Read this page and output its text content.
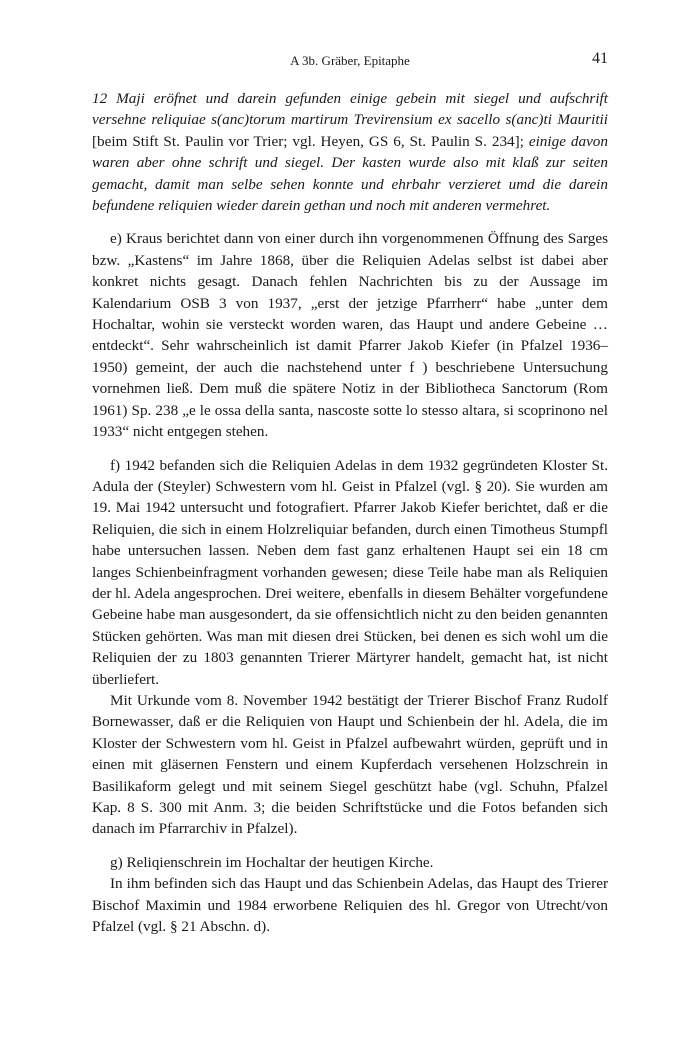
A 3b. Gräber, Epitaphe	41

12 Maji eröfnet und darein gefunden einige gebein mit siegel und aufschrift versehne reliquiae s(anc)torum martirum Trevirensium ex sacello s(anc)ti Mauritii [beim Stift St. Paulin vor Trier; vgl. Heyen, GS 6, St. Paulin S. 234]; einige davon waren aber ohne schrift und siegel. Der kasten wurde also mit klaß zur seiten gemacht, damit man selbe sehen konnte und ehrbahr verzieret umd die darein befundene reliquien wieder darein gethan und noch mit anderen vermehret.

e) Kraus berichtet dann von einer durch ihn vorgenommenen Öffnung des Sarges bzw. „Kastens“ im Jahre 1868, über die Reliquien Adelas selbst ist dabei aber konkret nichts gesagt. Danach fehlen Nachrichten bis zu der Aussage im Kalendarium OSB 3 von 1937, „erst der jetzige Pfarrherr“ habe „unter dem Hochaltar, wohin sie versteckt worden waren, das Haupt und andere Gebeine … entdeckt“. Sehr wahrscheinlich ist damit Pfarrer Jakob Kiefer (in Pfalzel 1936–1950) gemeint, der auch die nachstehend unter f ) beschriebene Untersuchung vornehmen ließ. Dem muß die spätere Notiz in der Bibliotheca Sanctorum (Rom 1961) Sp. 238 „e le ossa della santa, nascoste sotte lo stesso altara, si scoprinono nel 1933“ nicht entgegen stehen.

f) 1942 befanden sich die Reliquien Adelas in dem 1932 gegründeten Kloster St. Adula der (Steyler) Schwestern vom hl. Geist in Pfalzel (vgl. § 20). Sie wurden am 19. Mai 1942 untersucht und fotografiert. Pfarrer Jakob Kiefer berichtet, daß er die Reliquien, die sich in einem Holzreliquiar befanden, durch einen Timotheus Stumpfl habe untersuchen lassen. Neben dem fast ganz erhaltenen Haupt sei ein 18 cm langes Schienbeinfragment vorhanden gewesen; diese Teile habe man als Reliquien der hl. Adela angesprochen. Drei weitere, ebenfalls in diesem Behälter vorgefundene Gebeine habe man ausgesondert, da sie offensichtlich nicht zu den beiden genannten Stücken gehörten. Was man mit diesen drei Stücken, bei denen es sich wohl um die Reliquien der zu 1803 genannten Trierer Märtyrer handelt, gemacht hat, ist nicht überliefert.

Mit Urkunde vom 8. November 1942 bestätigt der Trierer Bischof Franz Rudolf Bornewasser, daß er die Reliquien von Haupt und Schienbein der hl. Adela, die im Kloster der Schwestern vom hl. Geist in Pfalzel aufbewahrt würden, geprüft und in einen mit gläsernen Fenstern und einem Kupferdach versehenen Holzschrein in Basilikaform gelegt und mit seinem Siegel geschützt habe (vgl. Schuhn, Pfalzel Kap. 8 S. 300 mit Anm. 3; die beiden Schriftstücke und die Fotos befanden sich danach im Pfarrarchiv in Pfalzel).

g) Reliqienschrein im Hochaltar der heutigen Kirche.

In ihm befinden sich das Haupt und das Schienbein Adelas, das Haupt des Trierer Bischof Maximin und 1984 erworbene Reliquien des hl. Gregor von Utrecht/von Pfalzel (vgl. § 21 Abschn. d).
